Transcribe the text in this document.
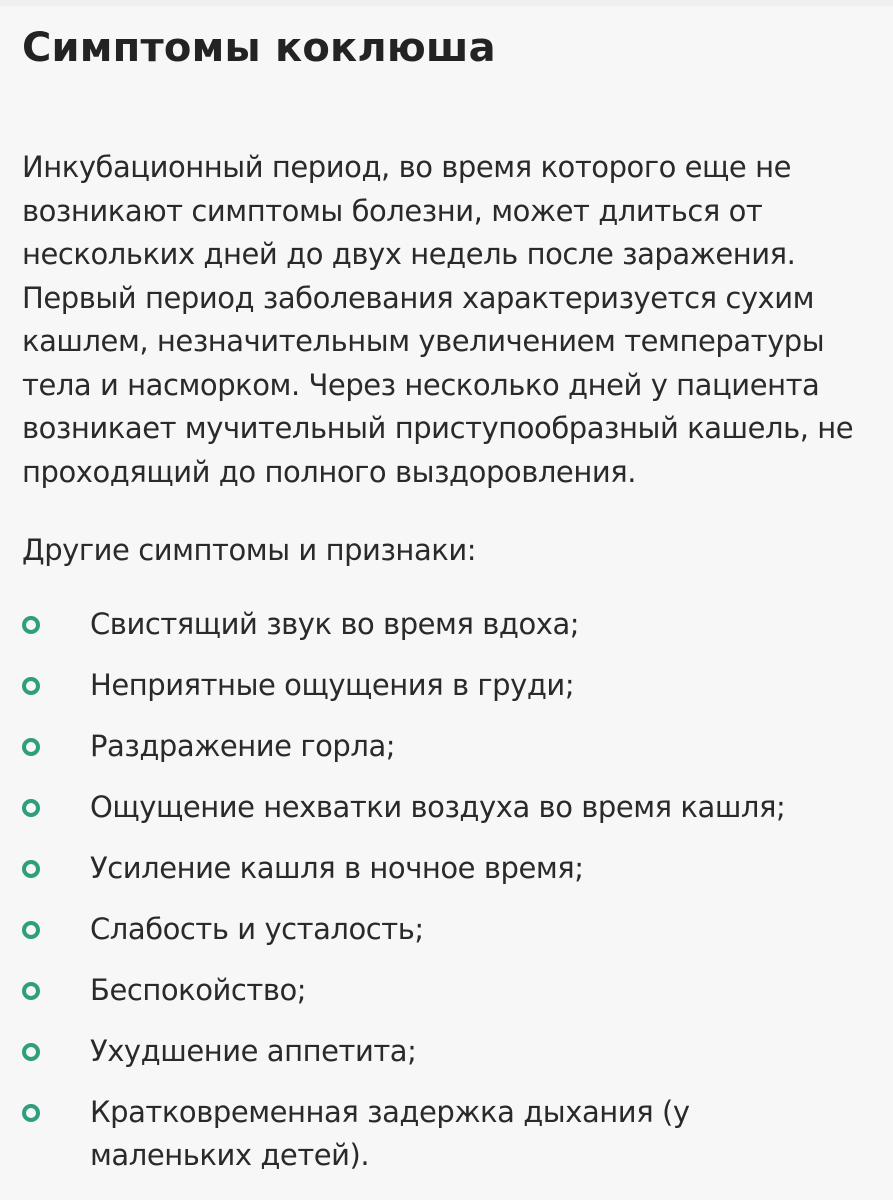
Симптомы коклюша

Инкубационный период, во время которого еще не возникают симптомы болезни, может длиться от нескольких дней до двух недель после заражения. Первый период заболевания характеризуется сухим кашлем, незначительным увеличением температуры тела и насморком. Через несколько дней у пациента возникает мучительный приступообразный кашель, не проходящий до полного выздоровления.

Другие симптомы и признаки:

Свистящий звук во время вдоха;
Неприятные ощущения в груди;
Раздражение горла;
Ощущение нехватки воздуха во время кашля;
Усиление кашля в ночное время;
Слабость и усталость;
Беспокойство;
Ухудшение аппетита;
Кратковременная задержка дыхания (у маленьких детей).
